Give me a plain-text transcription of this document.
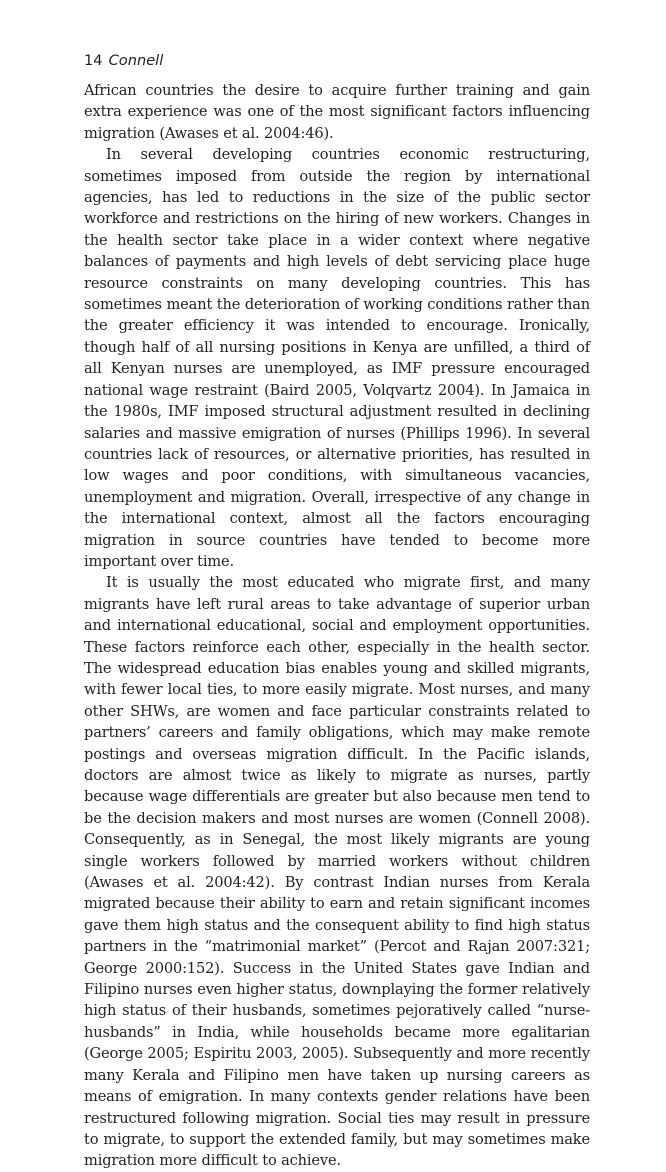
14 Connell

African countries the desire to acquire further training and gain extra experience was one of the most significant factors influencing migration (Awases et al. 2004:46).

In several developing countries economic restructuring, sometimes imposed from outside the region by international agencies, has led to reductions in the size of the public sector workforce and restrictions on the hiring of new workers. Changes in the health sector take place in a wider context where negative balances of payments and high levels of debt servicing place huge resource constraints on many developing countries. This has sometimes meant the deterioration of working conditions rather than the greater efficiency it was intended to encourage. Ironically, though half of all nursing positions in Kenya are unfilled, a third of all Kenyan nurses are unemployed, as IMF pressure encouraged national wage restraint (Baird 2005, Volqvartz 2004). In Jamaica in the 1980s, IMF imposed structural adjustment resulted in declining salaries and massive emigration of nurses (Phillips 1996). In several countries lack of resources, or alternative priorities, has resulted in low wages and poor conditions, with simultaneous vacancies, unemployment and migration. Overall, irrespective of any change in the international context, almost all the factors encouraging migration in source countries have tended to become more important over time.

It is usually the most educated who migrate first, and many migrants have left rural areas to take advantage of superior urban and international educational, social and employment opportunities. These factors reinforce each other, especially in the health sector. The widespread education bias enables young and skilled migrants, with fewer local ties, to more easily migrate. Most nurses, and many other SHWs, are women and face particular constraints related to partners’ careers and family obligations, which may make remote postings and overseas migration difficult. In the Pacific islands, doctors are almost twice as likely to migrate as nurses, partly because wage differentials are greater but also because men tend to be the decision makers and most nurses are women (Connell 2008). Consequently, as in Senegal, the most likely migrants are young single workers followed by married workers without children (Awases et al. 2004:42). By contrast Indian nurses from Kerala migrated because their ability to earn and retain significant incomes gave them high status and the consequent ability to find high status partners in the “matrimonial market” (Percot and Rajan 2007:321; George 2000:152). Success in the United States gave Indian and Filipino nurses even higher status, downplaying the former relatively high status of their husbands, sometimes pejoratively called “nurse-husbands” in India, while households became more egalitarian (George 2005; Espiritu 2003, 2005). Subsequently and more recently many Kerala and Filipino men have taken up nursing careers as means of emigration. In many contexts gender relations have been restructured following migration. Social ties may result in pressure to migrate, to support the extended family, but may sometimes make migration more difficult to achieve.
